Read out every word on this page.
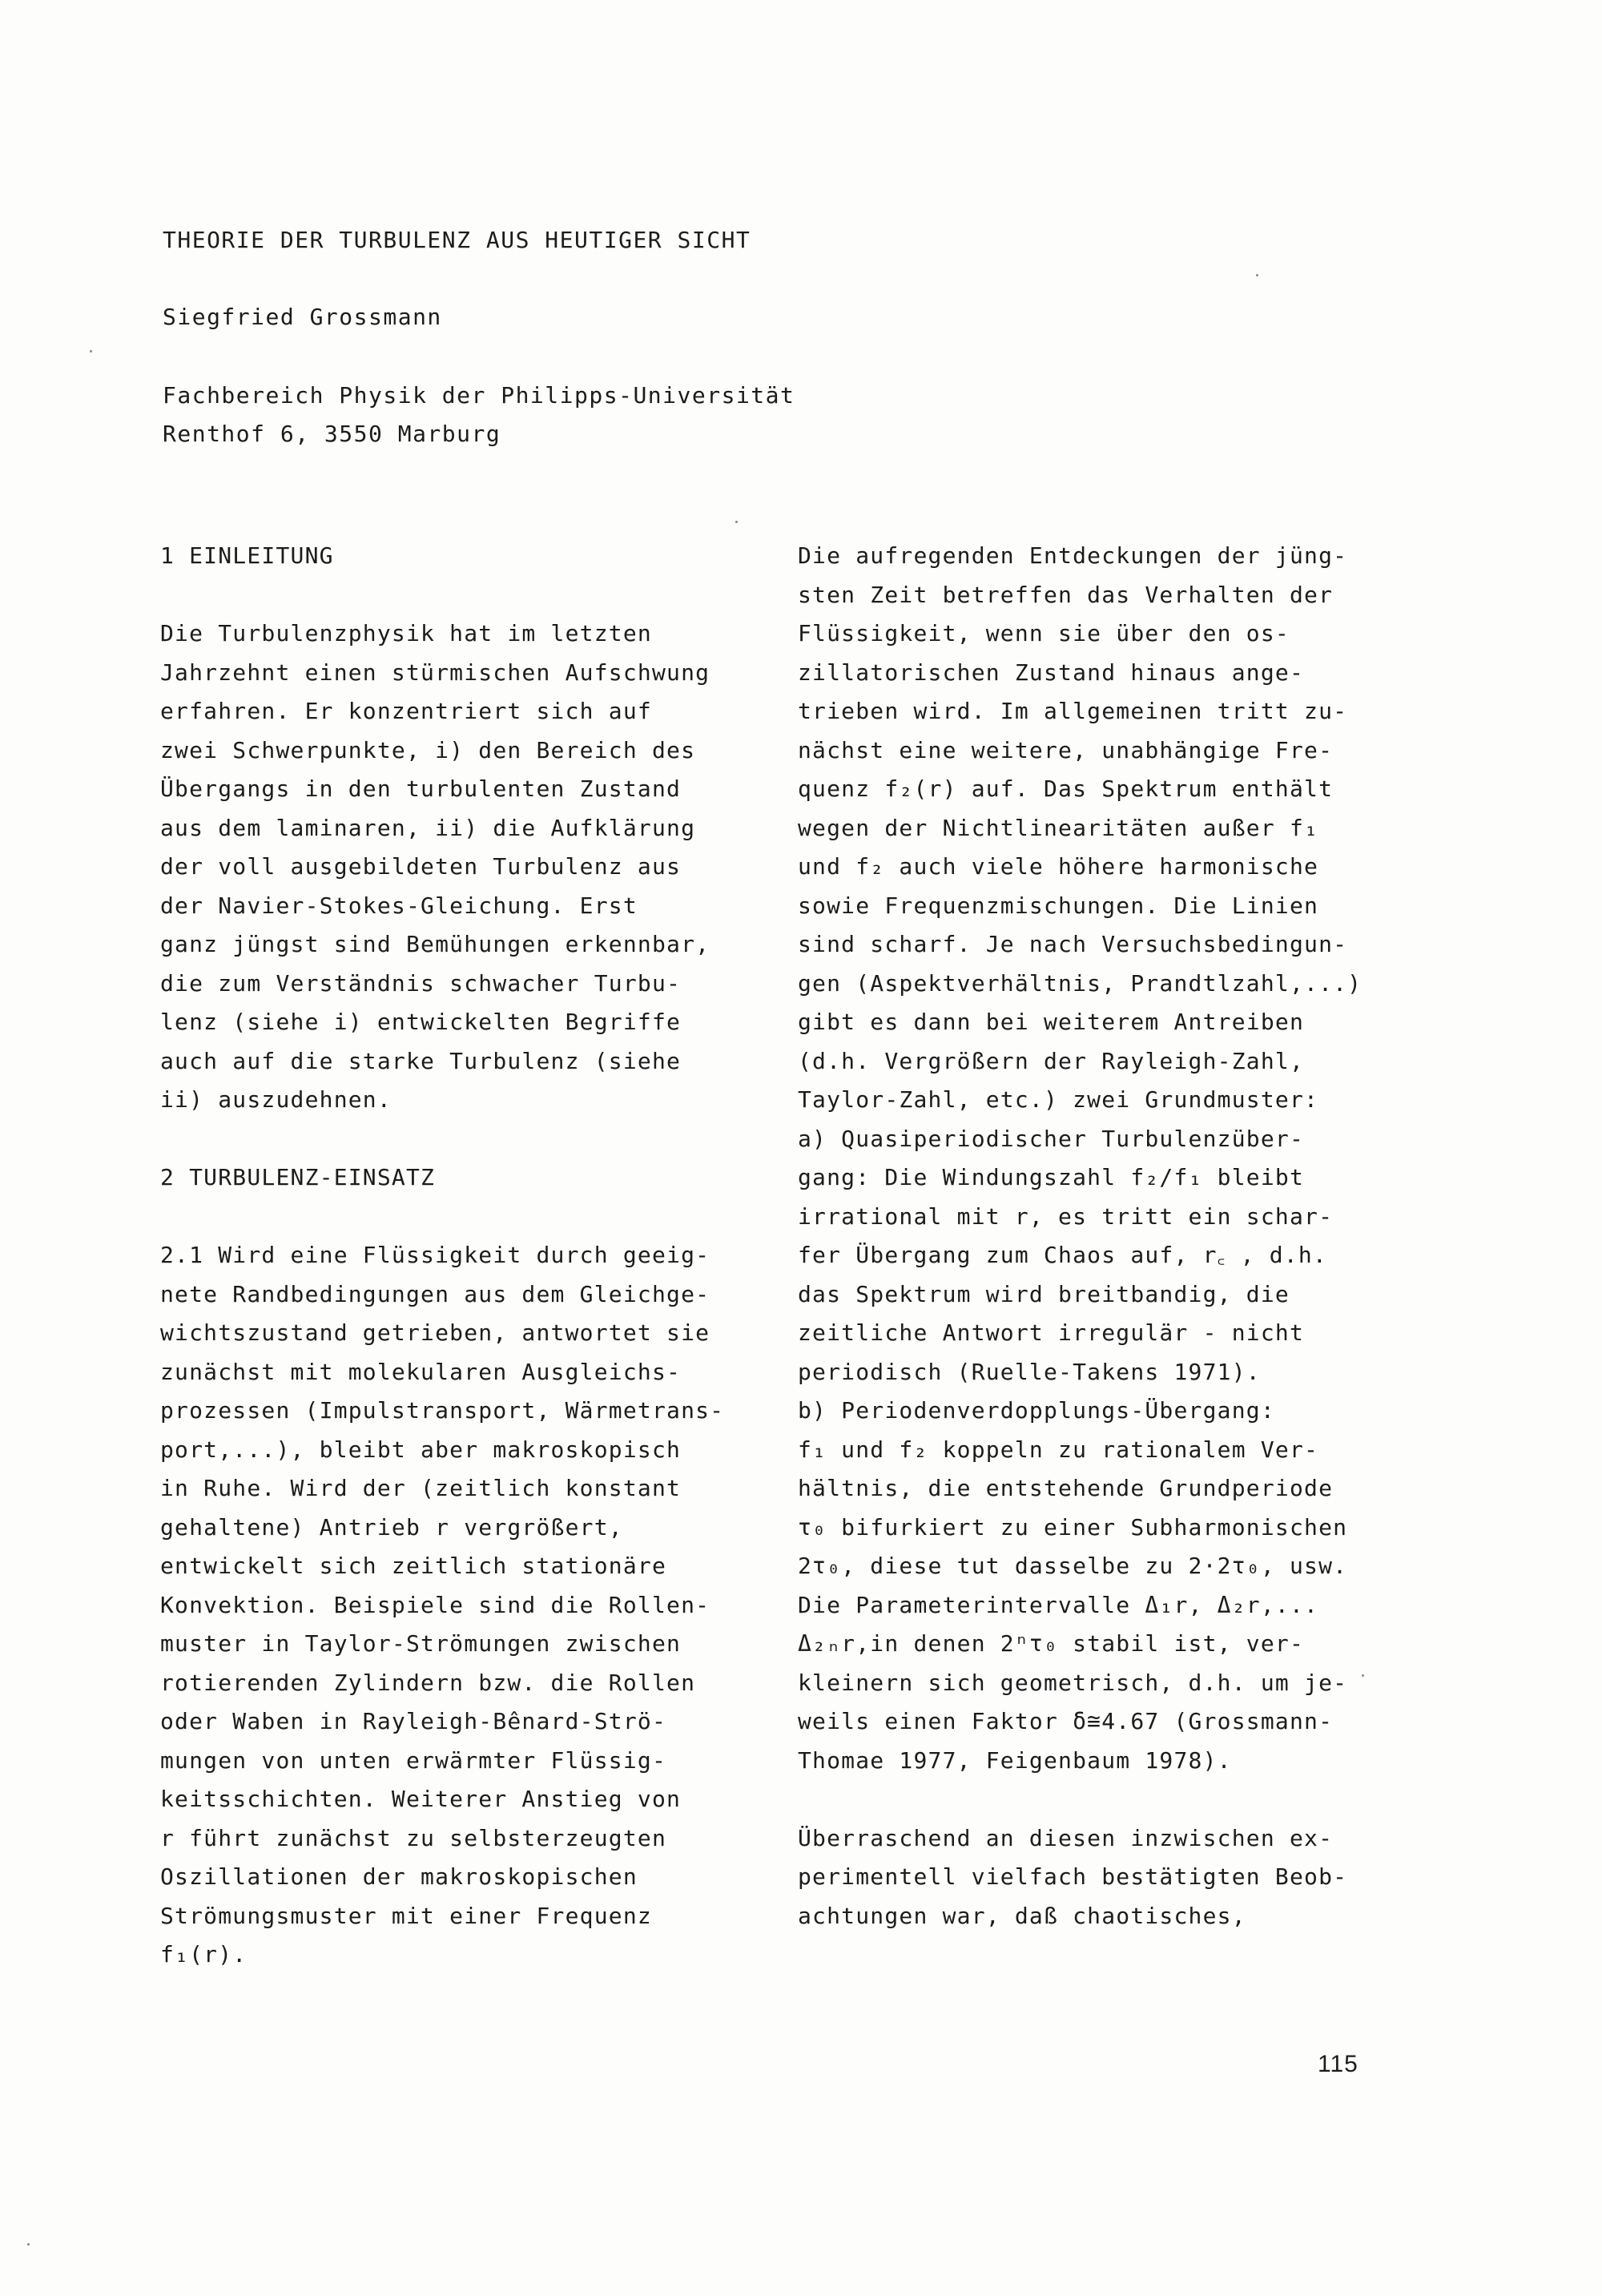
THEORIE DER TURBULENZ AUS HEUTIGER SICHT
Siegfried Grossmann
Fachbereich Physik der Philipps-Universität
Renthof 6, 3550 Marburg
1 EINLEITUNG
Die Turbulenzphysik hat im letzten
Jahrzehnt einen stürmischen Aufschwung
erfahren. Er konzentriert sich auf
zwei Schwerpunkte, i) den Bereich des
Übergangs in den turbulenten Zustand
aus dem laminaren, ii) die Aufklärung
der voll ausgebildeten Turbulenz aus
der Navier-Stokes-Gleichung. Erst
ganz jüngst sind Bemühungen erkennbar,
die zum Verständnis schwacher Turbu-
lenz (siehe i) entwickelten Begriffe
auch auf die starke Turbulenz (siehe
ii) auszudehnen.
2 TURBULENZ-EINSATZ
2.1 Wird eine Flüssigkeit durch geeig-
nete Randbedingungen aus dem Gleichge-
wichtszustand getrieben, antwortet sie
zunächst mit molekularen Ausgleichs-
prozessen (Impulstransport, Wärmetrans-
port,...), bleibt aber makroskopisch
in Ruhe. Wird der (zeitlich konstant
gehaltene) Antrieb r vergrößert,
entwickelt sich zeitlich stationäre
Konvektion. Beispiele sind die Rollen-
muster in Taylor-Strömungen zwischen
rotierenden Zylindern bzw. die Rollen
oder Waben in Rayleigh-Bênard-Strö-
mungen von unten erwärmter Flüssig-
keitsschichten. Weiterer Anstieg von
r führt zunächst zu selbsterzeugten
Oszillationen der makroskopischen
Strömungsmuster mit einer Frequenz
f₁(r).
Die aufregenden Entdeckungen der jüng-
sten Zeit betreffen das Verhalten der
Flüssigkeit, wenn sie über den os-
zillatorischen Zustand hinaus ange-
trieben wird. Im allgemeinen tritt zu-
nächst eine weitere, unabhängige Fre-
quenz f₂(r) auf. Das Spektrum enthält
wegen der Nichtlinearitäten außer f₁
und f₂ auch viele höhere harmonische
sowie Frequenzmischungen. Die Linien
sind scharf. Je nach Versuchsbedingun-
gen (Aspektverhältnis, Prandtlzahl,...)
gibt es dann bei weiterem Antreiben
(d.h. Vergrößern der Rayleigh-Zahl,
Taylor-Zahl, etc.) zwei Grundmuster:
a) Quasiperiodischer Turbulenzüber-
gang: Die Windungszahl f₂/f₁ bleibt
irrational mit r, es tritt ein schar-
fer Übergang zum Chaos auf, r꜀ , d.h.
das Spektrum wird breitbandig, die
zeitliche Antwort irregulär - nicht
periodisch (Ruelle-Takens 1971).
b) Periodenverdopplungs-Übergang:
f₁ und f₂ koppeln zu rationalem Ver-
hältnis, die entstehende Grundperiode
τ₀ bifurkiert zu einer Subharmonischen
2τ₀, diese tut dasselbe zu 2·2τ₀, usw.
Die Parameterintervalle Δ₁r, Δ₂r,...
Δ₂ₙr,in denen 2ⁿτ₀ stabil ist, ver-
kleinern sich geometrisch, d.h. um je-
weils einen Faktor δ≅4.67 (Grossmann-
Thomae 1977, Feigenbaum 1978).
Überraschend an diesen inzwischen ex-
perimentell vielfach bestätigten Beob-
achtungen war, daß chaotisches,
115
